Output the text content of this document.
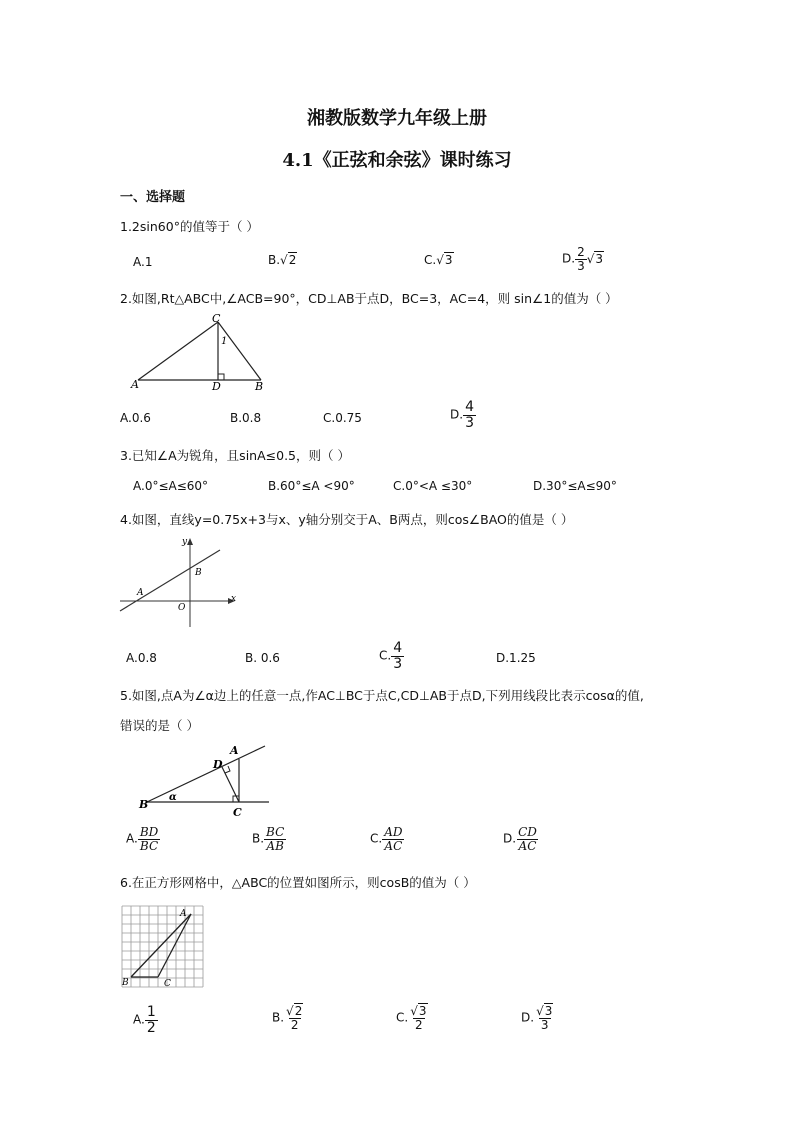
湘教版数学九年级上册
4.1《正弦和余弦》课时练习
一、选择题
1.2sin60°的值等于（ ）
A.1	B.√2	C.√3	D. $\frac{2}{3} √3$
2.如图,Rt△ABC中,∠ACB=90°，CD⊥AB于点D，BC=3，AC=4，则 sin∠1的值为（ ）
C
A	D	B
1
A.0.6	B.0.8	C.0.75	D. $\frac{4}{3}$
3.已知∠A为锐角，且sinA≤0.5，则（ ）
A.0°≤A≤60°	B.60°≤A <90°	C.0°<A ≤30°	D.30°≤A≤90°
4.如图，直线y=0.75x+3与x、y轴分别交于A、B两点，则cos∠BAO的值是（ ）
x
y
A
B
O
A.0.8	B. 0.6	C. $\frac{4}{3}$	D.1.25
5.如图,点A为∠α边上的任意一点,作AC⊥BC于点C,CD⊥AB于点D,下列用线段比表示cosα的值,
错误的是（ ）
A
D
B
C
α
A. $\frac{BD}{BC}$	B. $\frac{BC}{AB}$	C. $\frac{AD}{AC}$	D. $\frac{CD}{AC}$
6.在正方形网格中，△ABC的位置如图所示，则cosB的值为（ ）
A
B	C
A. $\frac{1}{2}$	B. $\frac{√2}{2}$	C. $\frac{√3}{2}$	D. $\frac{√3}{3}$
